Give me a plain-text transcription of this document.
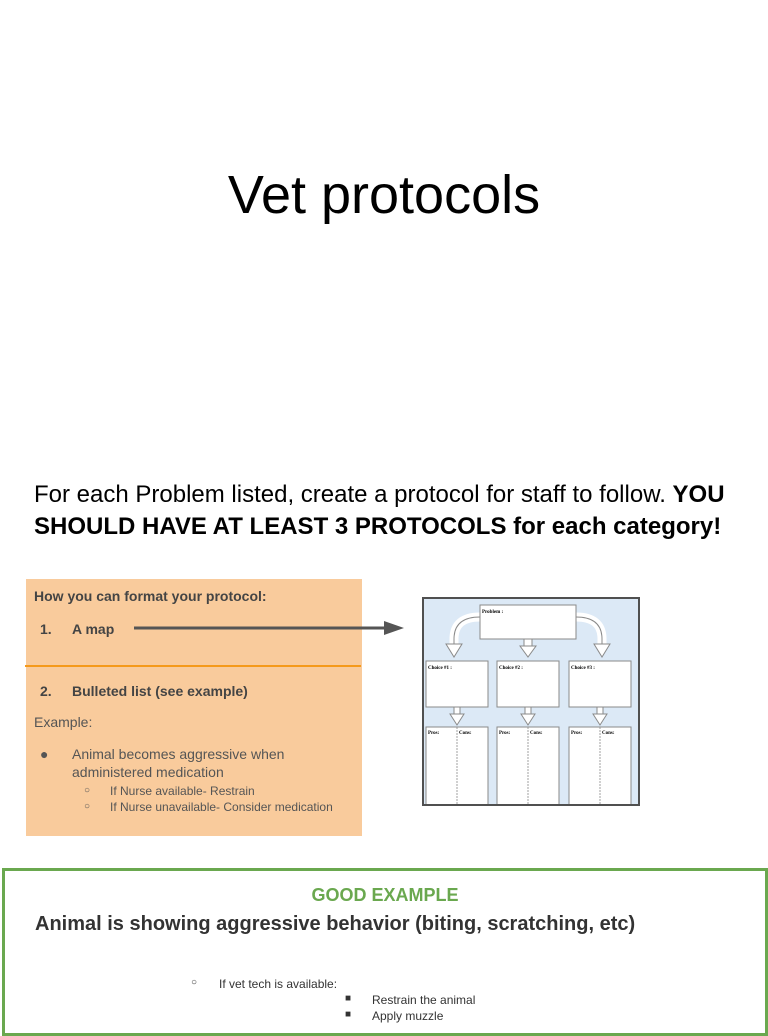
Vet protocols
For each Problem listed, create a protocol for staff to follow. YOU SHOULD HAVE AT LEAST 3 PROTOCOLS for each category!
How you can format your protocol:
1. A map
2. Bulleted list (see example)
Example:
● Animal becomes aggressive when administered medication
○ If Nurse available- Restrain
○ If Nurse unavailable- Consider medication
Problem :
Choice #1 :	Choice #2 :	Choice #3 :
Pros:	Cons:	Pros:	Cons:	Pros:	Cons:
GOOD EXAMPLE
Animal is showing aggressive behavior (biting, scratching, etc)
○ If vet tech is available:
■ Restrain the animal
■ Apply muzzle
